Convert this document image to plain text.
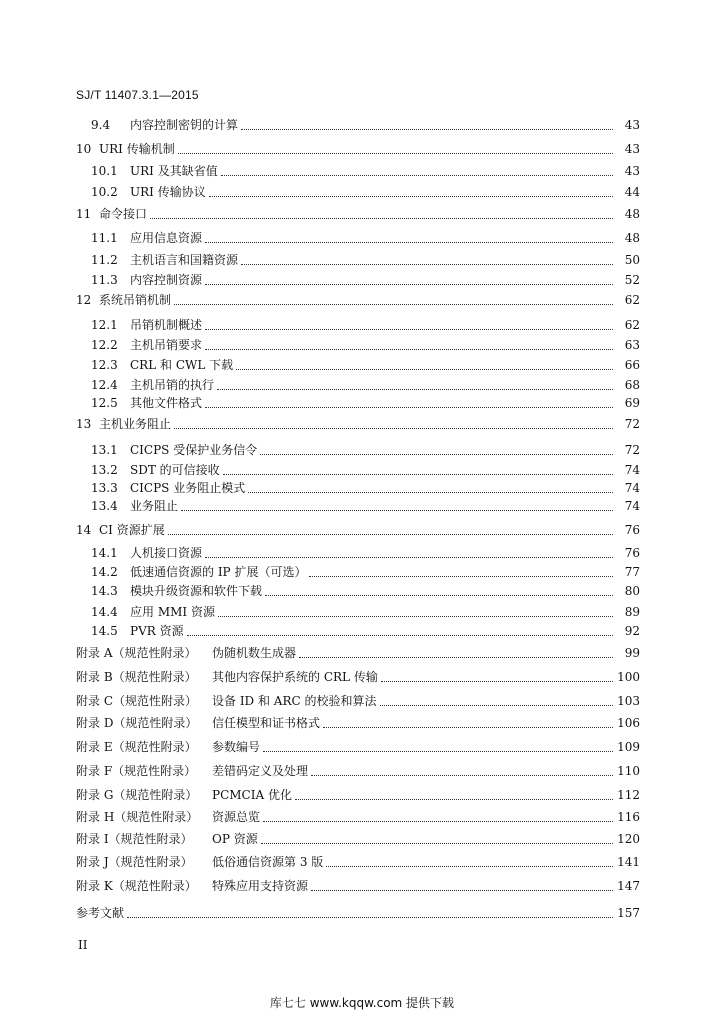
SJ/T 11407.3.1—2015
9.4	内容控制密钥的计算	43
10 URI 传输机制	43
10.1	URI 及其缺省值	43
10.2	URI 传输协议	44
11 命令接口	48
11.1	应用信息资源	48
11.2	主机语言和国籍资源	50
11.3	内容控制资源	52
12 系统吊销机制	62
12.1	吊销机制概述	62
12.2	主机吊销要求	63
12.3	CRL 和 CWL 下载	66
12.4	主机吊销的执行	68
12.5	其他文件格式	69
13 主机业务阻止	72
13.1	CICPS 受保护业务信令	72
13.2	SDT 的可信接收	74
13.3	CICPS 业务阻止模式	74
13.4	业务阻止	74
14 CI 资源扩展	76
14.1	人机接口资源	76
14.2	低速通信资源的 IP 扩展（可选）	77
14.3	模块升级资源和软件下载	80
14.4	应用 MMI 资源	89
14.5	PVR 资源	92
附录 A（规范性附录）	伪随机数生成器	99
附录 B（规范性附录）	其他内容保护系统的 CRL 传输	100
附录 C（规范性附录）	设备 ID 和 ARC 的校验和算法	103
附录 D（规范性附录）	信任模型和证书格式	106
附录 E（规范性附录）	参数编号	109
附录 F（规范性附录）	差错码定义及处理	110
附录 G（规范性附录）	PCMCIA 优化	112
附录 H（规范性附录）	资源总览	116
附录 I（规范性附录）	OP 资源	120
附录 J（规范性附录）	低俗通信资源第 3 版	141
附录 K（规范性附录）	特殊应用支持资源	147
参考文献	157
II
库七七 www.kqqw.com 提供下载
